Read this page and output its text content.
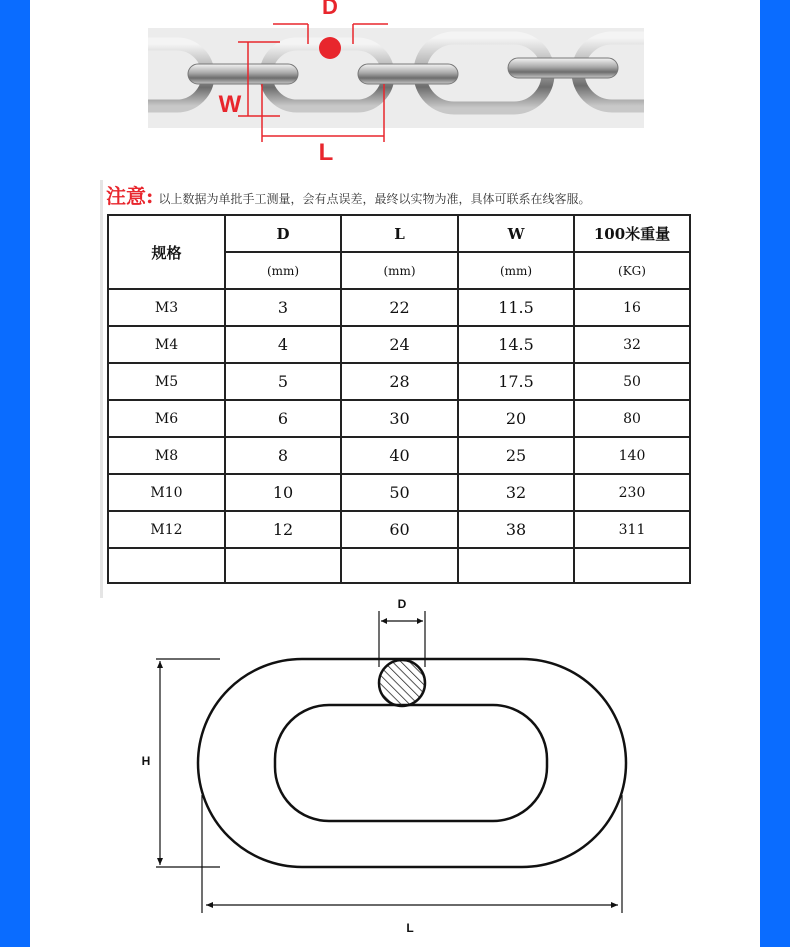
D
W
L
注意: 以上数据为单批手工测量，会有点误差，最终以实物为准，具体可联系在线客服。
规格	D	L	W	100米重量
	(mm)	(mm)	(mm)	(KG)
M3	3	22	11.5	16
M4	4	24	14.5	32
M5	5	28	17.5	50
M6	6	30	20	80
M8	8	40	25	140
M10	10	50	32	230
M12	12	60	38	311

D
H
L
